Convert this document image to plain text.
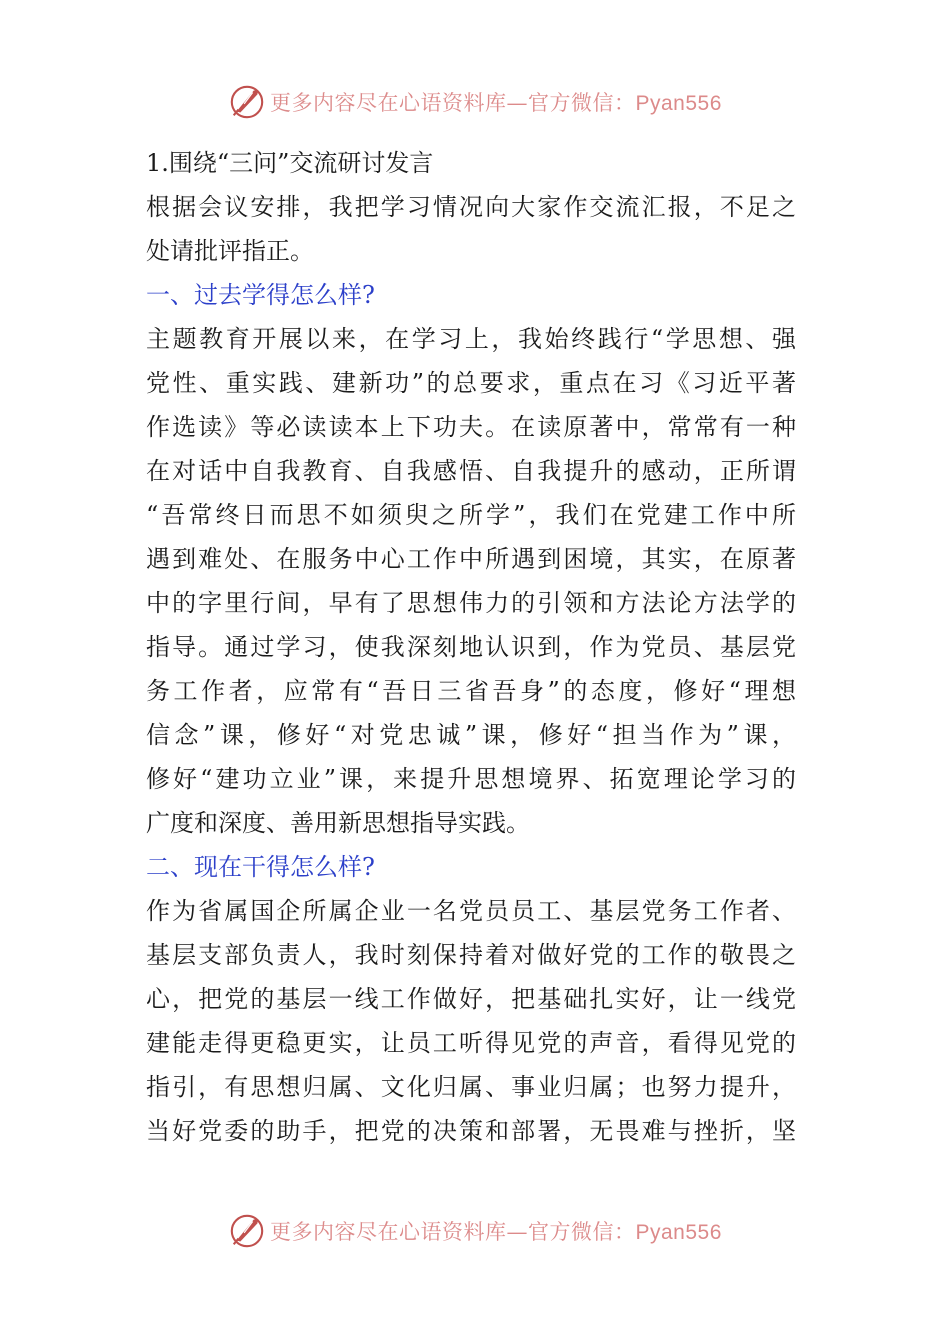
更多内容尽在心语资料库—官方微信：Pyan556
1.围绕“三问”交流研讨发言
根据会议安排，我把学习情况向大家作交流汇报，不足之
处请批评指正。
一、过去学得怎么样?
主题教育开展以来，在学习上，我始终践行“学思想、强
党性、重实践、建新功”的总要求，重点在习《习近平著
作选读》等必读读本上下功夫。在读原著中，常常有一种
在对话中自我教育、自我感悟、自我提升的感动，正所谓
“吾常终日而思不如须臾之所学”，我们在党建工作中所
遇到难处、在服务中心工作中所遇到困境，其实，在原著
中的字里行间，早有了思想伟力的引领和方法论方法学的
指导。通过学习，使我深刻地认识到，作为党员、基层党
务工作者，应常有“吾日三省吾身”的态度，修好“理想
信念”课，修好“对党忠诚”课，修好“担当作为”课，
修好“建功立业”课，来提升思想境界、拓宽理论学习的
广度和深度、善用新思想指导实践。
二、现在干得怎么样?
作为省属国企所属企业一名党员员工、基层党务工作者、
基层支部负责人，我时刻保持着对做好党的工作的敬畏之
心，把党的基层一线工作做好，把基础扎实好，让一线党
建能走得更稳更实，让员工听得见党的声音，看得见党的
指引，有思想归属、文化归属、事业归属；也努力提升，
当好党委的助手，把党的决策和部署，无畏难与挫折，坚
更多内容尽在心语资料库—官方微信：Pyan556
